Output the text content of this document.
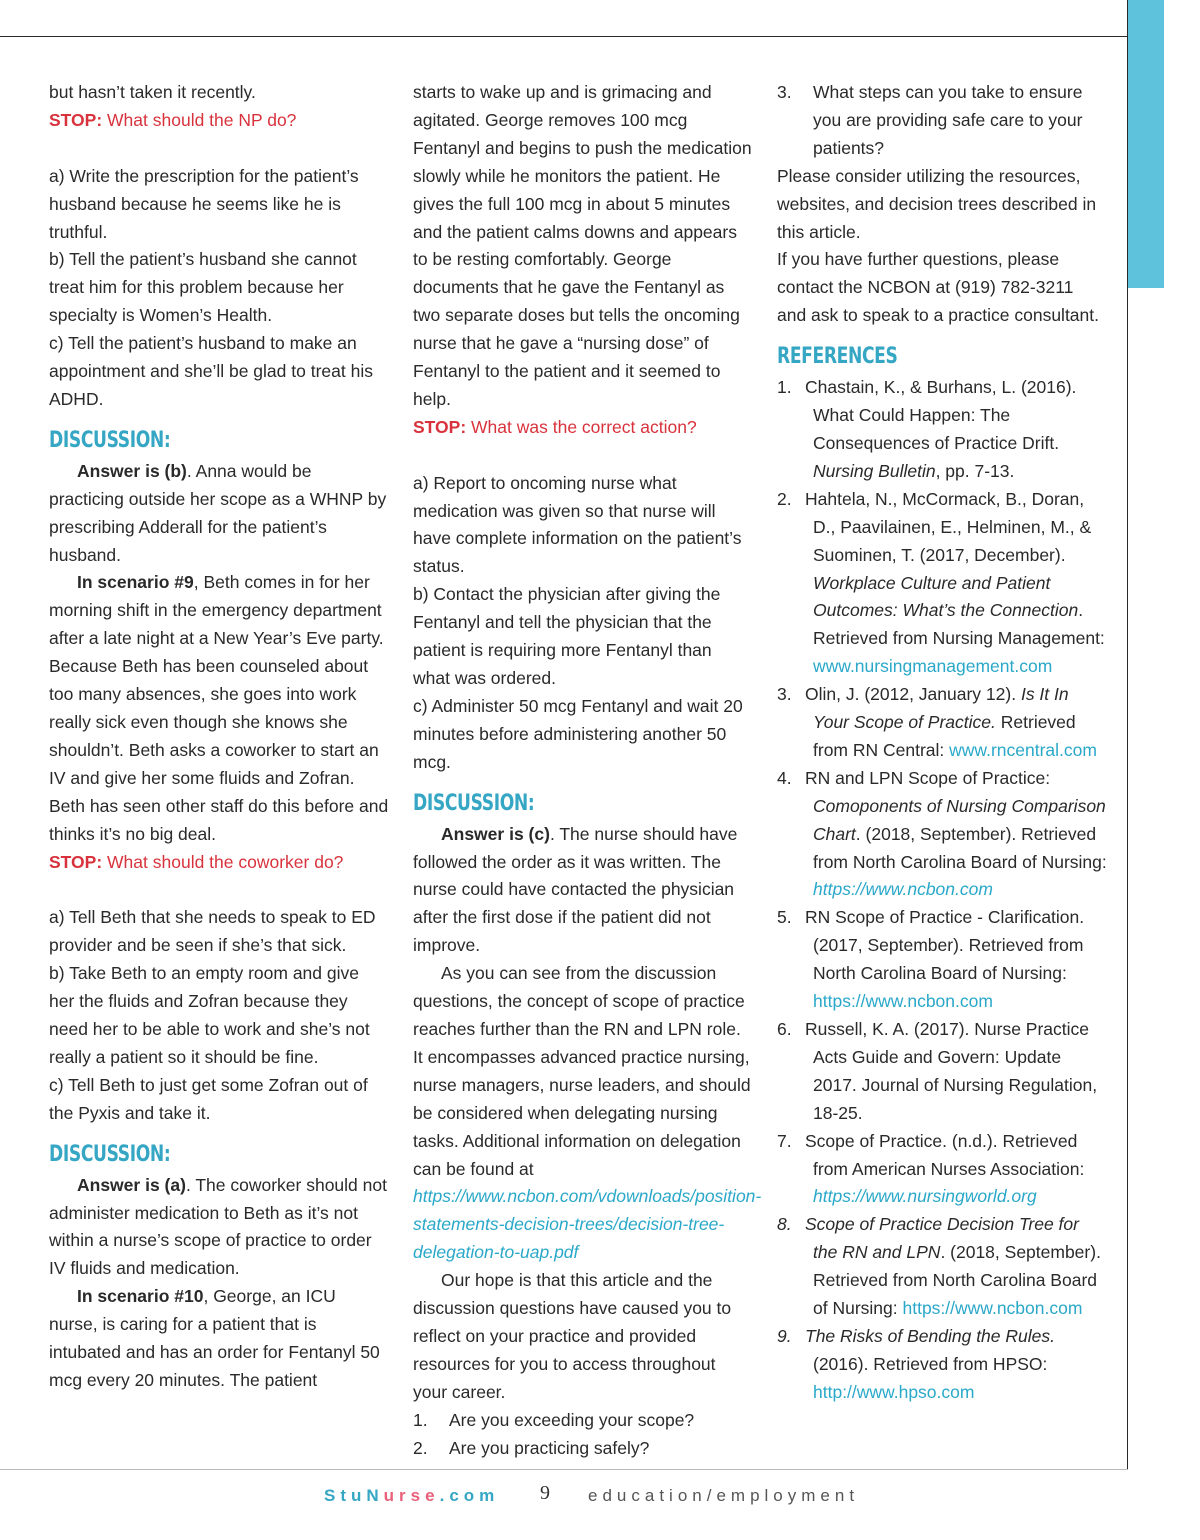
but hasn’t taken it recently.

STOP: What should the NP do?

a) Write the prescription for the patient’s husband because he seems like he is truthful.

b) Tell the patient’s husband she cannot treat him for this problem because her specialty is Women’s Health.

c) Tell the patient’s husband to make an appointment and she’ll be glad to treat his ADHD.

DISCUSSION:

Answer is (b). Anna would be practicing outside her scope as a WHNP by prescribing Adderall for the patient’s husband.

In scenario #9, Beth comes in for her morning shift in the emergency department after a late night at a New Year’s Eve party. Because Beth has been counseled about too many absences, she goes into work really sick even though she knows she shouldn’t. Beth asks a coworker to start an IV and give her some fluids and Zofran. Beth has seen other staff do this before and thinks it’s no big deal.

STOP: What should the coworker do?

a) Tell Beth that she needs to speak to ED provider and be seen if she’s that sick.

b) Take Beth to an empty room and give her the fluids and Zofran because they need her to be able to work and she’s not really a patient so it should be fine.

c) Tell Beth to just get some Zofran out of the Pyxis and take it.

DISCUSSION:

Answer is (a). The coworker should not administer medication to Beth as it’s not within a nurse’s scope of practice to order IV fluids and medication.

In scenario #10, George, an ICU nurse, is caring for a patient that is intubated and has an order for Fentanyl 50 mcg every 20 minutes. The patient

starts to wake up and is grimacing and agitated. George removes 100 mcg Fentanyl and begins to push the medication slowly while he monitors the patient. He gives the full 100 mcg in about 5 minutes and the patient calms downs and appears to be resting comfortably. George documents that he gave the Fentanyl as two separate doses but tells the oncoming nurse that he gave a “nursing dose” of Fentanyl to the patient and it seemed to help.

STOP: What was the correct action?

a) Report to oncoming nurse what medication was given so that nurse will have complete information on the patient’s status.

b) Contact the physician after giving the Fentanyl and tell the physician that the patient is requiring more Fentanyl than what was ordered.

c) Administer 50 mcg Fentanyl and wait 20 minutes before administering another 50 mcg.

DISCUSSION:

Answer is (c). The nurse should have followed the order as it was written. The nurse could have contacted the physician after the first dose if the patient did not improve.

As you can see from the discussion questions, the concept of scope of practice reaches further than the RN and LPN role. It encompasses advanced practice nursing, nurse managers, nurse leaders, and should be considered when delegating nursing tasks. Additional information on delegation can be found at https://www.ncbon.com/vdownloads/position-statements-decision-trees/decision-tree-delegation-to-uap.pdf

Our hope is that this article and the discussion questions have caused you to reflect on your practice and provided resources for you to access throughout your career.

1.	Are you exceeding your scope?
2.	Are you practicing safely?
3.	What steps can you take to ensure you are providing safe care to your patients?

Please consider utilizing the resources, websites, and decision trees described in this article.

If you have further questions, please contact the NCBON at (919) 782-3211 and ask to speak to a practice consultant.

REFERENCES
1. Chastain, K., & Burhans, L. (2016). What Could Happen: The Consequences of Practice Drift. Nursing Bulletin, pp. 7-13.
2. Hahtela, N., McCormack, B., Doran, D., Paavilainen, E., Helminen, M., & Suominen, T. (2017, December). Workplace Culture and Patient Outcomes: What’s the Connection. Retrieved from Nursing Management: www.nursingmanagement.com
3. Olin, J. (2012, January 12). Is It In Your Scope of Practice. Retrieved from RN Central: www.rncentral.com
4. RN and LPN Scope of Practice: Comoponents of Nursing Comparison Chart. (2018, September). Retrieved from North Carolina Board of Nursing: https://www.ncbon.com
5. RN Scope of Practice - Clarification. (2017, September). Retrieved from North Carolina Board of Nursing: https://www.ncbon.com
6. Russell, K. A. (2017). Nurse Practice Acts Guide and Govern: Update 2017. Journal of Nursing Regulation, 18-25.
7. Scope of Practice. (n.d.). Retrieved from American Nurses Association: https://www.nursingworld.org
8. Scope of Practice Decision Tree for the RN and LPN. (2018, September). Retrieved from North Carolina Board of Nursing: https://www.ncbon.com
9. The Risks of Bending the Rules. (2016). Retrieved from HPSO: http://www.hpso.com
StuNurse.com 9 education/employment
